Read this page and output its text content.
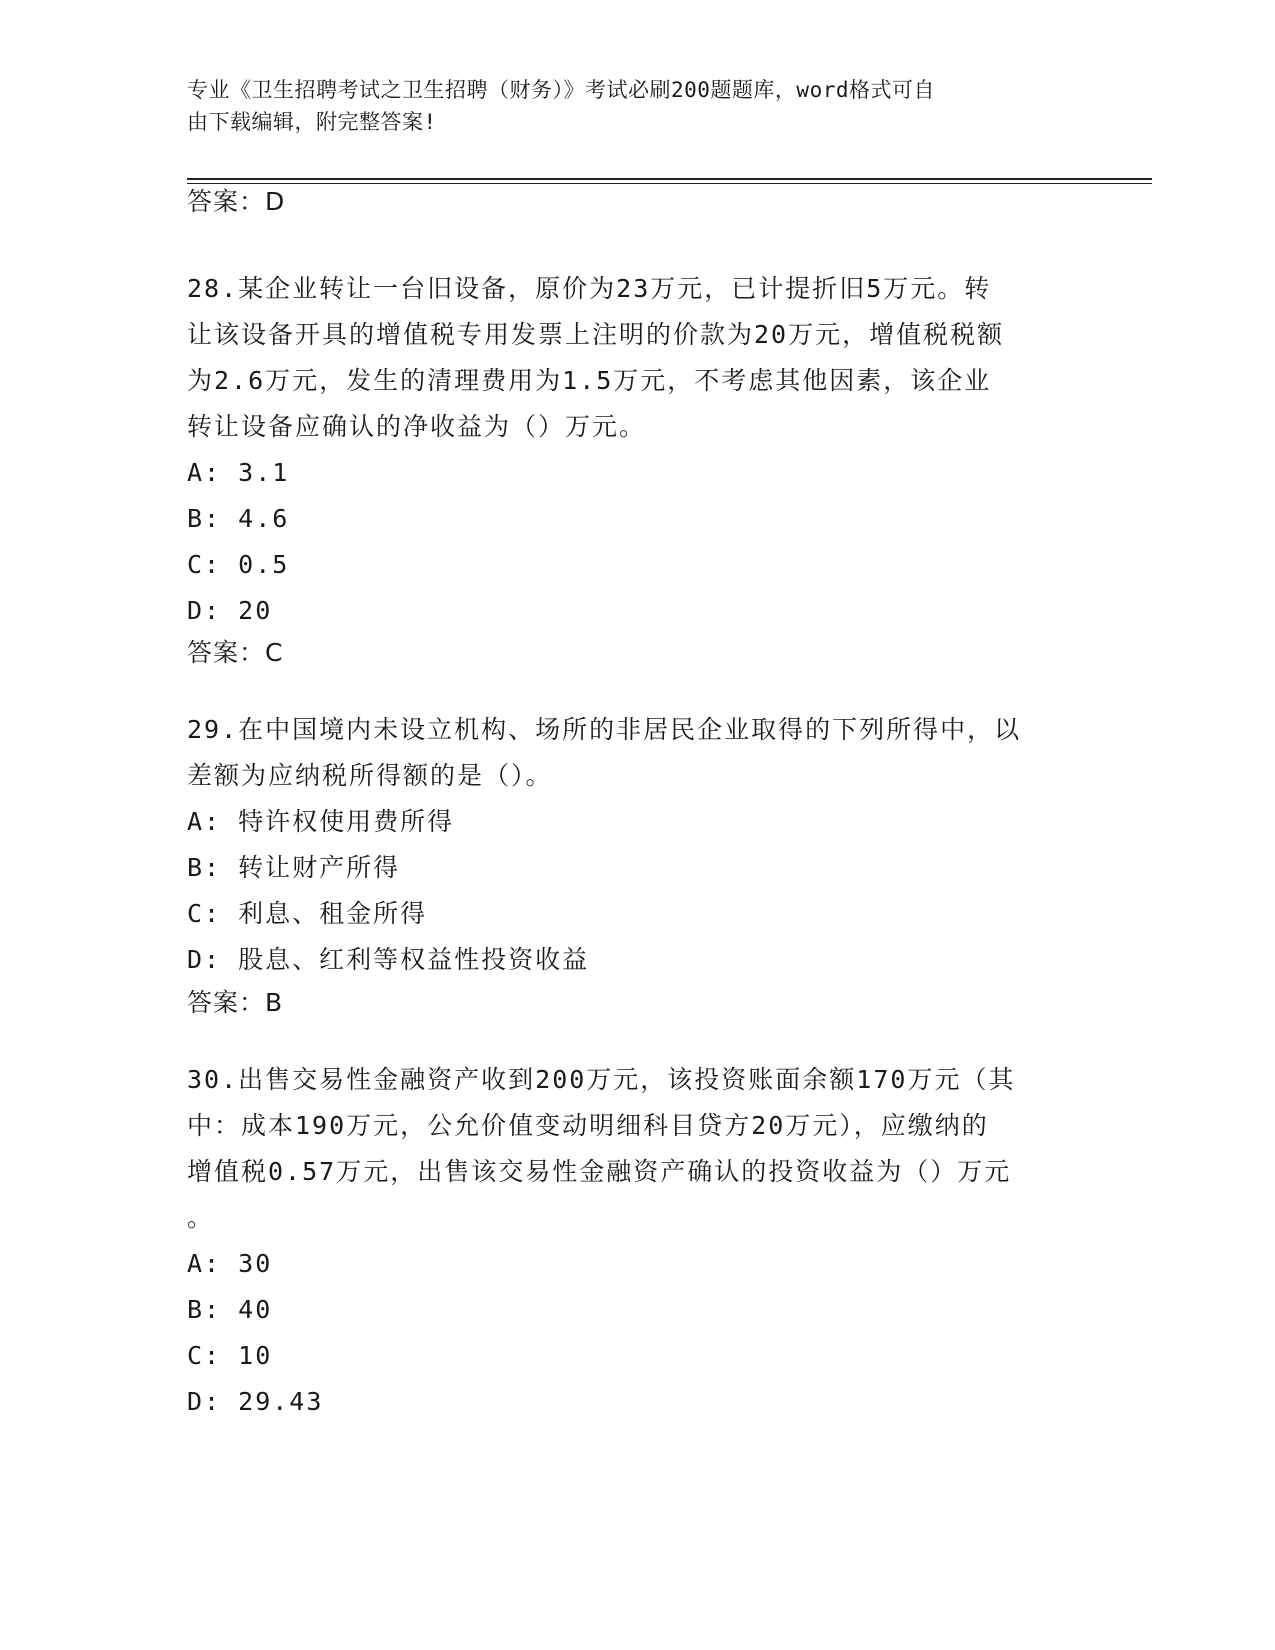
专业《卫生招聘考试之卫生招聘（财务）》考试必刷200题题库，word格式可自
由下载编辑，附完整答案!
答案：D
28.某企业转让一台旧设备，原价为23万元，已计提折旧5万元。转
让该设备开具的增值税专用发票上注明的价款为20万元，增值税税额
为2.6万元，发生的清理费用为1.5万元，不考虑其他因素，该企业
转让设备应确认的净收益为（）万元。
A: 3.1
B: 4.6
C: 0.5
D: 20
答案：C
29.在中国境内未设立机构、场所的非居民企业取得的下列所得中，以
差额为应纳税所得额的是（）。
A: 特许权使用费所得
B: 转让财产所得
C: 利息、租金所得
D: 股息、红利等权益性投资收益
答案：B
30.出售交易性金融资产收到200万元，该投资账面余额170万元（其
中：成本190万元，公允价值变动明细科目贷方20万元），应缴纳的
增值税0.57万元，出售该交易性金融资产确认的投资收益为（）万元
。
A: 30
B: 40
C: 10
D: 29.43
